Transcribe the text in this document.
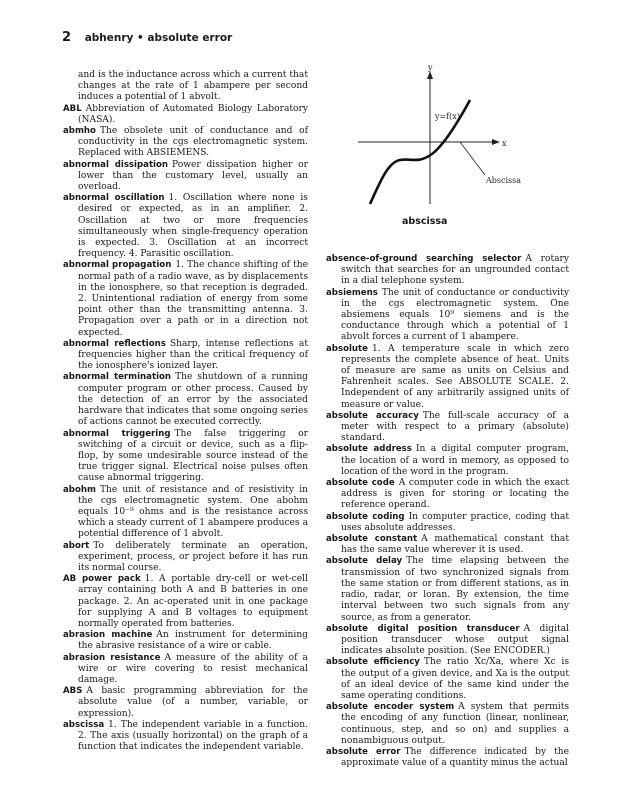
2 abhenry • absolute error
y
x
y=f(x)
Abscissa
abscissa

and is the inductance across which a current that changes at the rate of 1 abampere per second induces a potential of 1 abvolt.

ABL Abbreviation of Automated Biology Laboratory (NASA).

abmho The obsolete unit of conductance and of conductivity in the cgs electromagnetic system. Replaced with ABSIEMENS.

abnormal dissipation Power dissipation higher or lower than the customary level, usually an overload.

abnormal oscillation 1. Oscillation where none is desired or expected, as in an amplifier. 2. Oscillation at two or more frequencies simultaneously when single-frequency operation is expected. 3. Oscillation at an incorrect frequency. 4. Parasitic oscillation.

abnormal propagation 1. The chance shifting of the normal path of a radio wave, as by displacements in the ionosphere, so that reception is degraded. 2. Unintentional radiation of energy from some point other than the transmitting antenna. 3. Propagation over a path or in a direction not expected.

abnormal reflections Sharp, intense reflections at frequencies higher than the critical frequency of the ionosphere's ionized layer.

abnormal termination The shutdown of a running computer program or other process. Caused by the detection of an error by the associated hardware that indicates that some ongoing series of actions cannot be executed correctly.

abnormal triggering The false triggering or switching of a circuit or device, such as a flip-flop, by some undesirable source instead of the true trigger signal. Electrical noise pulses often cause abnormal triggering.

abohm The unit of resistance and of resistivity in the cgs electromagnetic system. One abohm equals 10⁻⁹ ohms and is the resistance across which a steady current of 1 abampere produces a potential difference of 1 abvolt.

abort To deliberately terminate an operation, experiment, process, or project before it has run its normal course.

AB power pack 1. A portable dry-cell or wet-cell array containing both A and B batteries in one package. 2. An ac-operated unit in one package for supplying A and B voltages to equipment normally operated from batteries.

abrasion machine An instrument for determining the abrasive resistance of a wire or cable.

abrasion resistance A measure of the ability of a wire or wire covering to resist mechanical damage.

ABS A basic programming abbreviation for the absolute value (of a number, variable, or expression).

abscissa 1. The independent variable in a function. 2. The axis (usually horizontal) on the graph of a function that indicates the independent variable.

absence-of-ground searching selector A rotary switch that searches for an ungrounded contact in a dial telephone system.

absiemens The unit of conductance or conductivity in the cgs electromagnetic system. One absiemens equals 10⁹ siemens and is the conductance through which a potential of 1 abvolt forces a current of 1 abampere.

absolute 1. A temperature scale in which zero represents the complete absence of heat. Units of measure are same as units on Celsius and Fahrenheit scales. See ABSOLUTE SCALE. 2. Independent of any arbitrarily assigned units of measure or value.

absolute accuracy The full-scale accuracy of a meter with respect to a primary (absolute) standard.

absolute address In a digital computer program, the location of a word in memory, as opposed to location of the word in the program.

absolute code A computer code in which the exact address is given for storing or locating the reference operand.

absolute coding In computer practice, coding that uses absolute addresses.

absolute constant A mathematical constant that has the same value wherever it is used.

absolute delay The time elapsing between the transmission of two synchronized signals from the same station or from different stations, as in radio, radar, or loran. By extension, the time interval between two such signals from any source, as from a generator.

absolute digital position transducer A digital position transducer whose output signal indicates absolute position. (See ENCODER.)

absolute efficiency The ratio Xc/Xa, where Xc is the output of a given device, and Xa is the output of an ideal device of the same kind under the same operating conditions.

absolute encoder system A system that permits the encoding of any function (linear, nonlinear, continuous, step, and so on) and supplies a nonambiguous output.

absolute error The difference indicated by the approximate value of a quantity minus the actual
